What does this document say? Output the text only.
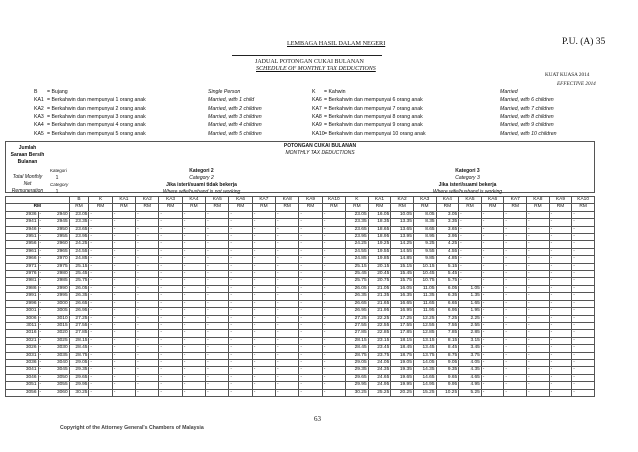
LEMBAGA HASIL DALAM NEGERI	P.U. (A) 35
JADUAL POTONGAN CUKAI BULANAN
SCHEDULE OF MONTHLY TAX DEDUCTIONS
KUAT KUASA 2014
EFFECTIVE 2014
B = Bujang	Single Person
KA1 = Berkahwin dan mempunyai 1 orang anak	Married, with 1 child
KA2 = Berkahwin dan mempunyai 2 orang anak	Married, with 2 children
KA3 = Berkahwin dan mempunyai 3 orang anak	Married, with 3 children
KA4 = Berkahwin dan mempunyai 4 orang anak	Married, with 4 children
KA5 = Berkahwin dan mempunyai 5 orang anak	Married, with 5 children
K = Kahwin	Married
KA6 = Berkahwin dan mempunyai 6 orang anak	Married, with 6 children
KA7 = Berkahwin dan mempunyai 7 orang anak	Married, with 7 children
KA8 = Berkahwin dan mempunyai 8 orang anak	Married, with 8 children
KA9 = Berkahwin dan mempunyai 9 orang anak	Married, with 9 children
KA10 = Berkahwin dan mempunyai 10 orang anak	Married, with 10 children
Jumlah
Saraan Bersih
Bulanan
Total Monthly
Net
Remuneration
POTONGAN CUKAI BULANAN
MONTHLY TAX DEDUCTIONS
Kategori
1
Category
1
Kategori 2
Category 2
Jika isteri/suami tidak bekerja
Where wife/husband is not working
Kategori 3
Category 3
Jika isteri/suami bekerja
Where wife/husband is working
		B	K	KA1	KA2	KA3	KA4	KA5	KA6	KA7	KA8	KA9	KA10	K	KA1	KA2	KA3	KA4	KA5	KA6	KA7	KA8	KA9	KA10
RM		RM	RM	RM	RM	RM	RM	RM	RM	RM	RM	RM	RM	RM	RM	RM	RM	RM	RM	RM	RM	RM	RM	RM
2936	- 2940	23.05	-	-	-	-	-	-	-	-	-	-	-	23.05	16.05	10.05	8.05	3.05	-	-	-	-	-	-
2941	- 2945	23.35	-	-	-	-	-	-	-	-	-	-	-	23.35	18.35	13.35	8.35	3.35	-	-	-	-	-	-
2946	- 2950	23.65	-	-	-	-	-	-	-	-	-	-	-	23.65	18.65	13.65	8.65	3.65	-	-	-	-	-	-
2951	- 2955	23.95	-	-	-	-	-	-	-	-	-	-	-	23.95	18.95	13.95	8.95	3.95	-	-	-	-	-	-
2956	- 2960	24.25	-	-	-	-	-	-	-	-	-	-	-	24.25	19.25	14.25	9.25	4.25	-	-	-	-	-	-
2961	- 2965	24.55	-	-	-	-	-	-	-	-	-	-	-	24.55	19.55	14.55	9.55	4.55	-	-	-	-	-	-
2966	- 2970	24.85	-	-	-	-	-	-	-	-	-	-	-	24.85	19.85	14.85	9.85	4.85	-	-	-	-	-	-
2971	- 2975	25.15	-	-	-	-	-	-	-	-	-	-	-	25.15	20.15	15.15	10.15	5.15	-	-	-	-	-	-
2976	- 2980	25.45	-	-	-	-	-	-	-	-	-	-	-	25.45	20.45	15.45	10.45	5.45	-	-	-	-	-	-
2981	- 2985	25.75	-	-	-	-	-	-	-	-	-	-	-	25.75	20.75	15.75	10.75	5.75	-	-	-	-	-	-
2986	- 2990	26.05	-	-	-	-	-	-	-	-	-	-	-	26.05	21.05	16.05	11.05	6.05	1.05	-	-	-	-	-
2991	- 2995	26.35	-	-	-	-	-	-	-	-	-	-	-	26.35	21.35	16.35	11.35	6.35	1.35	-	-	-	-	-
2996	- 3000	26.65	-	-	-	-	-	-	-	-	-	-	-	26.65	21.65	16.65	11.65	6.65	1.65	-	-	-	-	-
3001	- 3005	26.95	-	-	-	-	-	-	-	-	-	-	-	26.95	21.95	16.95	11.95	6.95	1.95	-	-	-	-	-
3006	- 3010	27.25	-	-	-	-	-	-	-	-	-	-	-	27.25	22.25	17.25	12.25	7.25	2.25	-	-	-	-	-
3011	- 3015	27.55	-	-	-	-	-	-	-	-	-	-	-	27.55	22.55	17.55	12.55	7.55	2.55	-	-	-	-	-
3016	- 3020	27.85	-	-	-	-	-	-	-	-	-	-	-	27.85	22.85	17.85	12.85	7.85	2.85	-	-	-	-	-
3021	- 3025	28.15	-	-	-	-	-	-	-	-	-	-	-	28.15	23.15	18.15	13.15	8.15	3.15	-	-	-	-	-
3026	- 3030	28.45	-	-	-	-	-	-	-	-	-	-	-	28.45	23.45	18.45	13.45	8.45	3.45	-	-	-	-	-
3031	- 3035	28.75	-	-	-	-	-	-	-	-	-	-	-	28.75	23.75	18.75	13.75	8.75	3.75	-	-	-	-	-
3036	- 3040	29.05	-	-	-	-	-	-	-	-	-	-	-	29.05	24.05	19.05	14.05	9.05	4.05	-	-	-	-	-
3041	- 3045	29.35	-	-	-	-	-	-	-	-	-	-	-	29.35	24.35	19.35	14.35	9.35	4.35	-	-	-	-	-
3046	- 3050	29.65	-	-	-	-	-	-	-	-	-	-	-	29.65	24.65	19.65	14.65	9.65	4.65	-	-	-	-	-
3051	- 3055	29.95	-	-	-	-	-	-	-	-	-	-	-	29.95	24.95	19.95	14.95	9.95	4.95	-	-	-	-	-
3056	- 3060	30.25	-	-	-	-	-	-	-	-	-	-	-	30.25	25.25	20.25	15.25	10.25	5.25	-	-	-	-	-
63
Copyright of the Attorney General's Chambers of Malaysia
